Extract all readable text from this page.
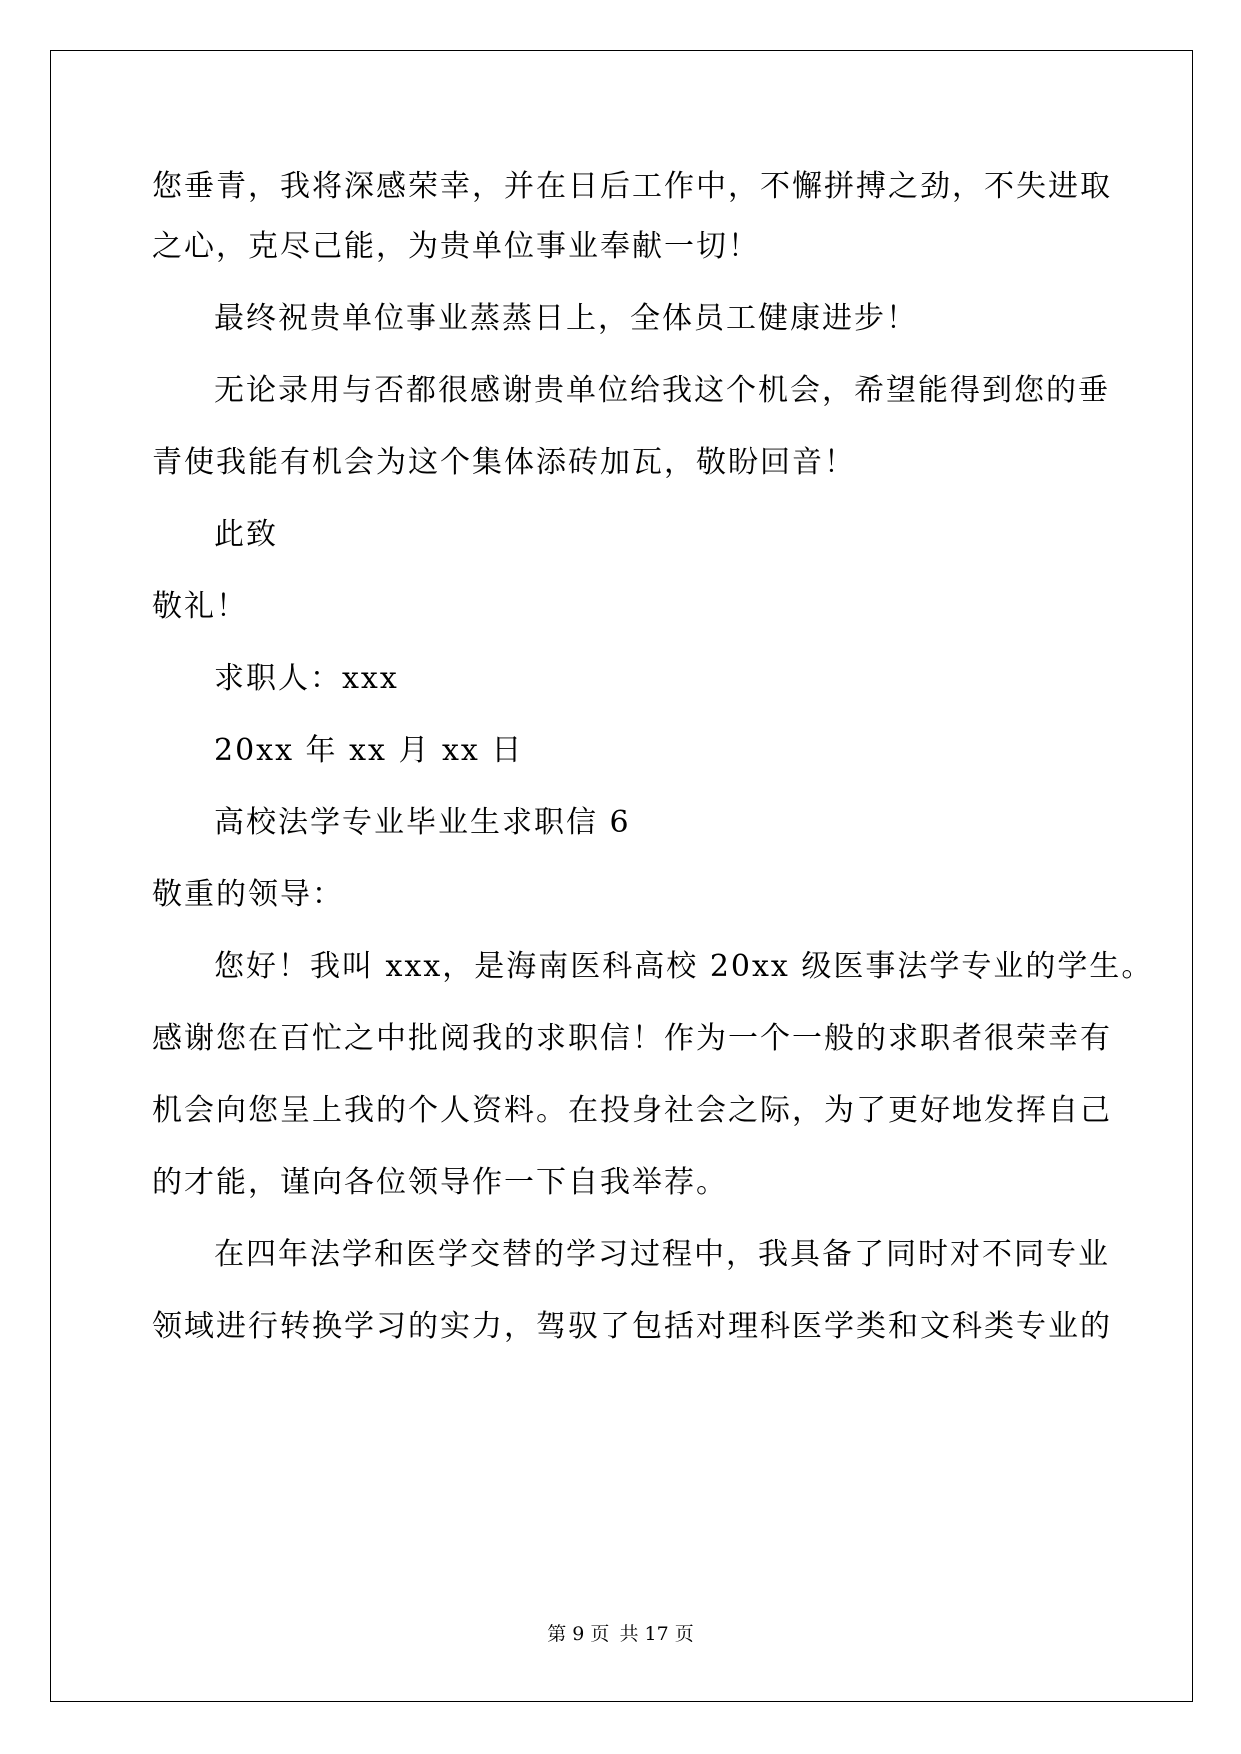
您垂青，我将深感荣幸，并在日后工作中，不懈拼搏之劲，不失进取
之心，克尽己能，为贵单位事业奉献一切！
最终祝贵单位事业蒸蒸日上，全体员工健康进步！
无论录用与否都很感谢贵单位给我这个机会，希望能得到您的垂
青使我能有机会为这个集体添砖加瓦，敬盼回音！
此致
敬礼！
求职人：xxx
20xx 年 xx 月 xx 日
高校法学专业毕业生求职信 6
敬重的领导：
您好！我叫 xxx，是海南医科高校 20xx 级医事法学专业的学生。
感谢您在百忙之中批阅我的求职信！作为一个一般的求职者很荣幸有
机会向您呈上我的个人资料。在投身社会之际，为了更好地发挥自己
的才能，谨向各位领导作一下自我举荐。
在四年法学和医学交替的学习过程中，我具备了同时对不同专业
领域进行转换学习的实力，驾驭了包括对理科医学类和文科类专业的
第 9 页 共 17 页
